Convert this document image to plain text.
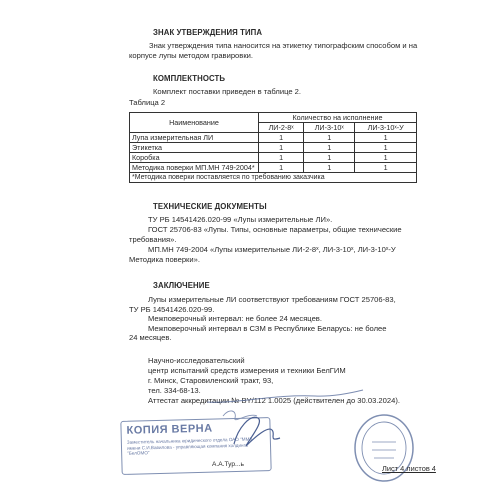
ЗНАК УТВЕРЖДЕНИЯ ТИПА
Знак утверждения типа наносится на этикетку типографским способом и на корпусе лупы методом гравировки.
КОМПЛЕКТНОСТЬ
Комплект поставки приведен в таблице 2.
Таблица 2
Наименование	Количество на исполнение		
	ЛИ-2-8ˣ	ЛИ-3-10ˣ	ЛИ-3-10ˣ-У
Лупа измерительная ЛИ	1	1	1
Этикетка	1	1	1
Коробка	1	1	1
Методика поверки МП.МН 749-2004*	1	1	1
*Методика поверки поставляется по требованию заказчика			
ТЕХНИЧЕСКИЕ ДОКУМЕНТЫ
ТУ РБ 14541426.020-99 «Лупы измерительные ЛИ».
ГОСТ 25706-83 «Лупы. Типы, основные параметры, общие технические
требования».
МП.МН 749-2004 «Лупы измерительные ЛИ-2-8ˣ, ЛИ-3-10ˣ, ЛИ-3-10ˣ-У
Методика поверки».
ЗАКЛЮЧЕНИЕ
Лупы измерительные ЛИ соответствуют требованиям ГОСТ 25706-83,
ТУ РБ 14541426.020-99.
Межповерочный интервал: не более 24 месяцев.
Межповерочный интервал в СЗМ в Республике Беларусь: не более
24 месяцев.
Научно-исследовательский
центр испытаний средств измерения и техники БелГИМ
г. Минск, Старовиленский тракт, 93,
тел. 334-68-13.
Аттестат аккредитации № BY/112 1.0025 (действителен до 30.03.2024).
КОПИЯ ВЕРНА
Заместитель начальника юридического отдела ОАО "ММЗ имени С.И.Вавилова - управляющая компания холдинга "БелОМО"
А.А.Тур...ь	Лист 4 листов 4
